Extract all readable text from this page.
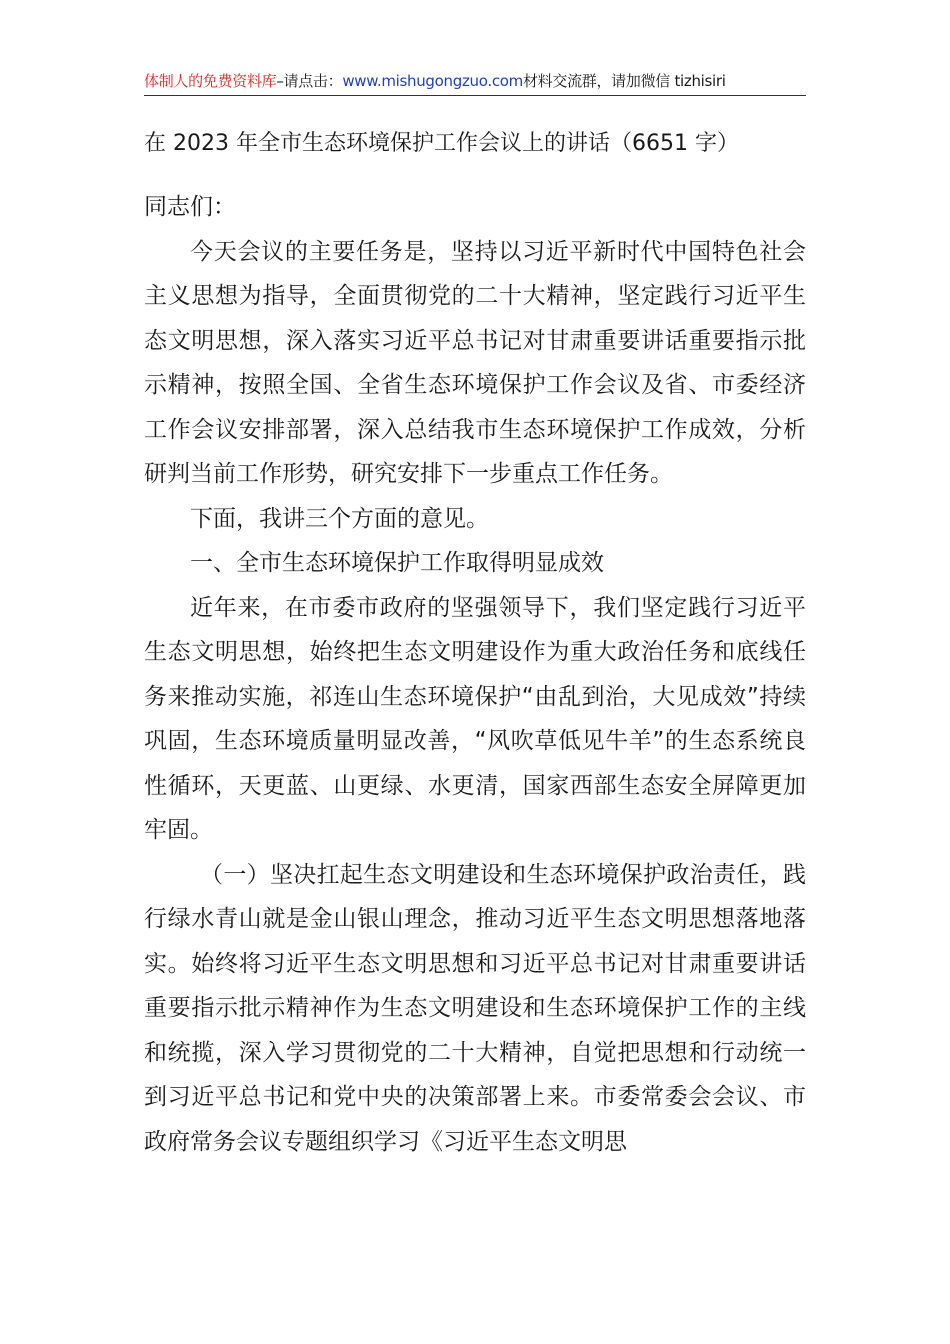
体制人的免费资料库–请点击：www.mishugongzuo.com材料交流群，请加微信 tizhisiri
在 2023 年全市生态环境保护工作会议上的讲话（6651 字）

同志们：

今天会议的主要任务是，坚持以习近平新时代中国特色社会主义思想为指导，全面贯彻党的二十大精神，坚定践行习近平生态文明思想，深入落实习近平总书记对甘肃重要讲话重要指示批示精神，按照全国、全省生态环境保护工作会议及省、市委经济工作会议安排部署，深入总结我市生态环境保护工作成效，分析研判当前工作形势，研究安排下一步重点工作任务。

下面，我讲三个方面的意见。

一、全市生态环境保护工作取得明显成效

近年来，在市委市政府的坚强领导下，我们坚定践行习近平生态文明思想，始终把生态文明建设作为重大政治任务和底线任务来推动实施，祁连山生态环境保护“由乱到治，大见成效”持续巩固，生态环境质量明显改善，“风吹草低见牛羊”的生态系统良性循环，天更蓝、山更绿、水更清，国家西部生态安全屏障更加牢固。

（一）坚决扛起生态文明建设和生态环境保护政治责任，践行绿水青山就是金山银山理念，推动习近平生态文明思想落地落实。始终将习近平生态文明思想和习近平总书记对甘肃重要讲话重要指示批示精神作为生态文明建设和生态环境保护工作的主线和统揽，深入学习贯彻党的二十大精神，自觉把思想和行动统一到习近平总书记和党中央的决策部署上来。市委常委会会议、市政府常务会议专题组织学习《习近平生态文明思
